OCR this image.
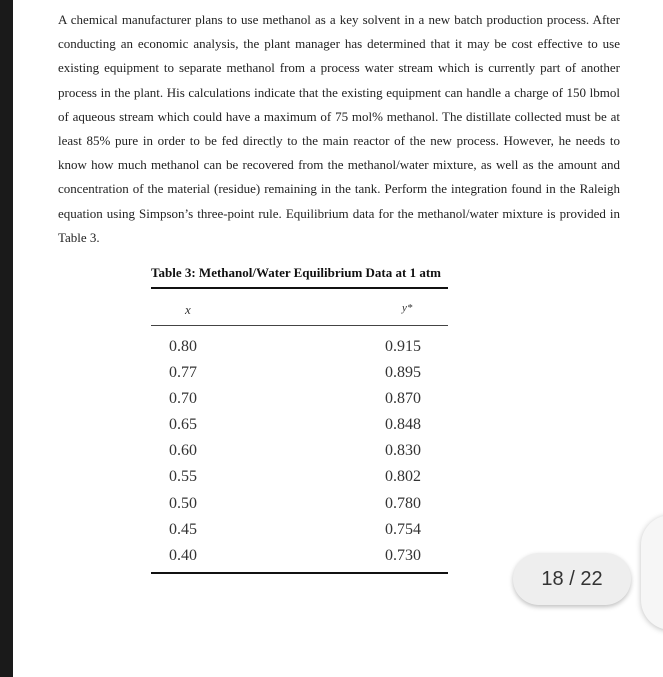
A chemical manufacturer plans to use methanol as a key solvent in a new batch production process. After conducting an economic analysis, the plant manager has determined that it may be cost effective to use existing equipment to separate methanol from a process water stream which is currently part of another process in the plant. His calculations indicate that the existing equipment can handle a charge of 150 lbmol of aqueous stream which could have a maximum of 75 mol% methanol. The distillate collected must be at least 85% pure in order to be fed directly to the main reactor of the new process. However, he needs to know how much methanol can be recovered from the methanol/water mixture, as well as the amount and concentration of the material (residue) remaining in the tank. Perform the integration found in the Raleigh equation using Simpson’s three-point rule. Equilibrium data for the methanol/water mixture is provided in Table 3.

Table 3: Methanol/Water Equilibrium Data at 1 atm
x	y*
0.80
0.77
0.70
0.65
0.60
0.55
0.50
0.45
0.40
0.915
0.895
0.870
0.848
0.830
0.802
0.780
0.754
0.730
18 / 22
